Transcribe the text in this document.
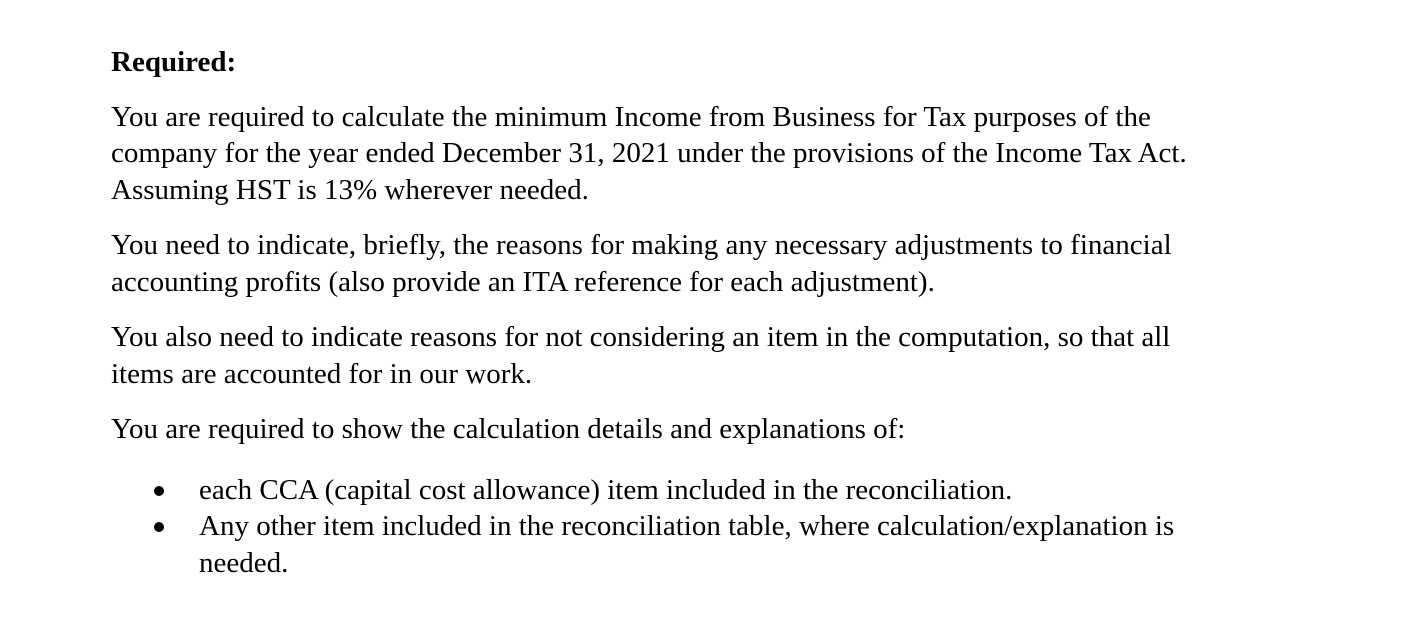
Required:

You are required to calculate the minimum Income from Business for Tax purposes of the company for the year ended December 31, 2021 under the provisions of the Income Tax Act. Assuming HST is 13% wherever needed.

You need to indicate, briefly, the reasons for making any necessary adjustments to financial accounting profits (also provide an ITA reference for each adjustment).

You also need to indicate reasons for not considering an item in the computation, so that all items are accounted for in our work.

You are required to show the calculation details and explanations of:

each CCA (capital cost allowance) item included in the reconciliation.
Any other item included in the reconciliation table, where calculation/explanation is needed.
